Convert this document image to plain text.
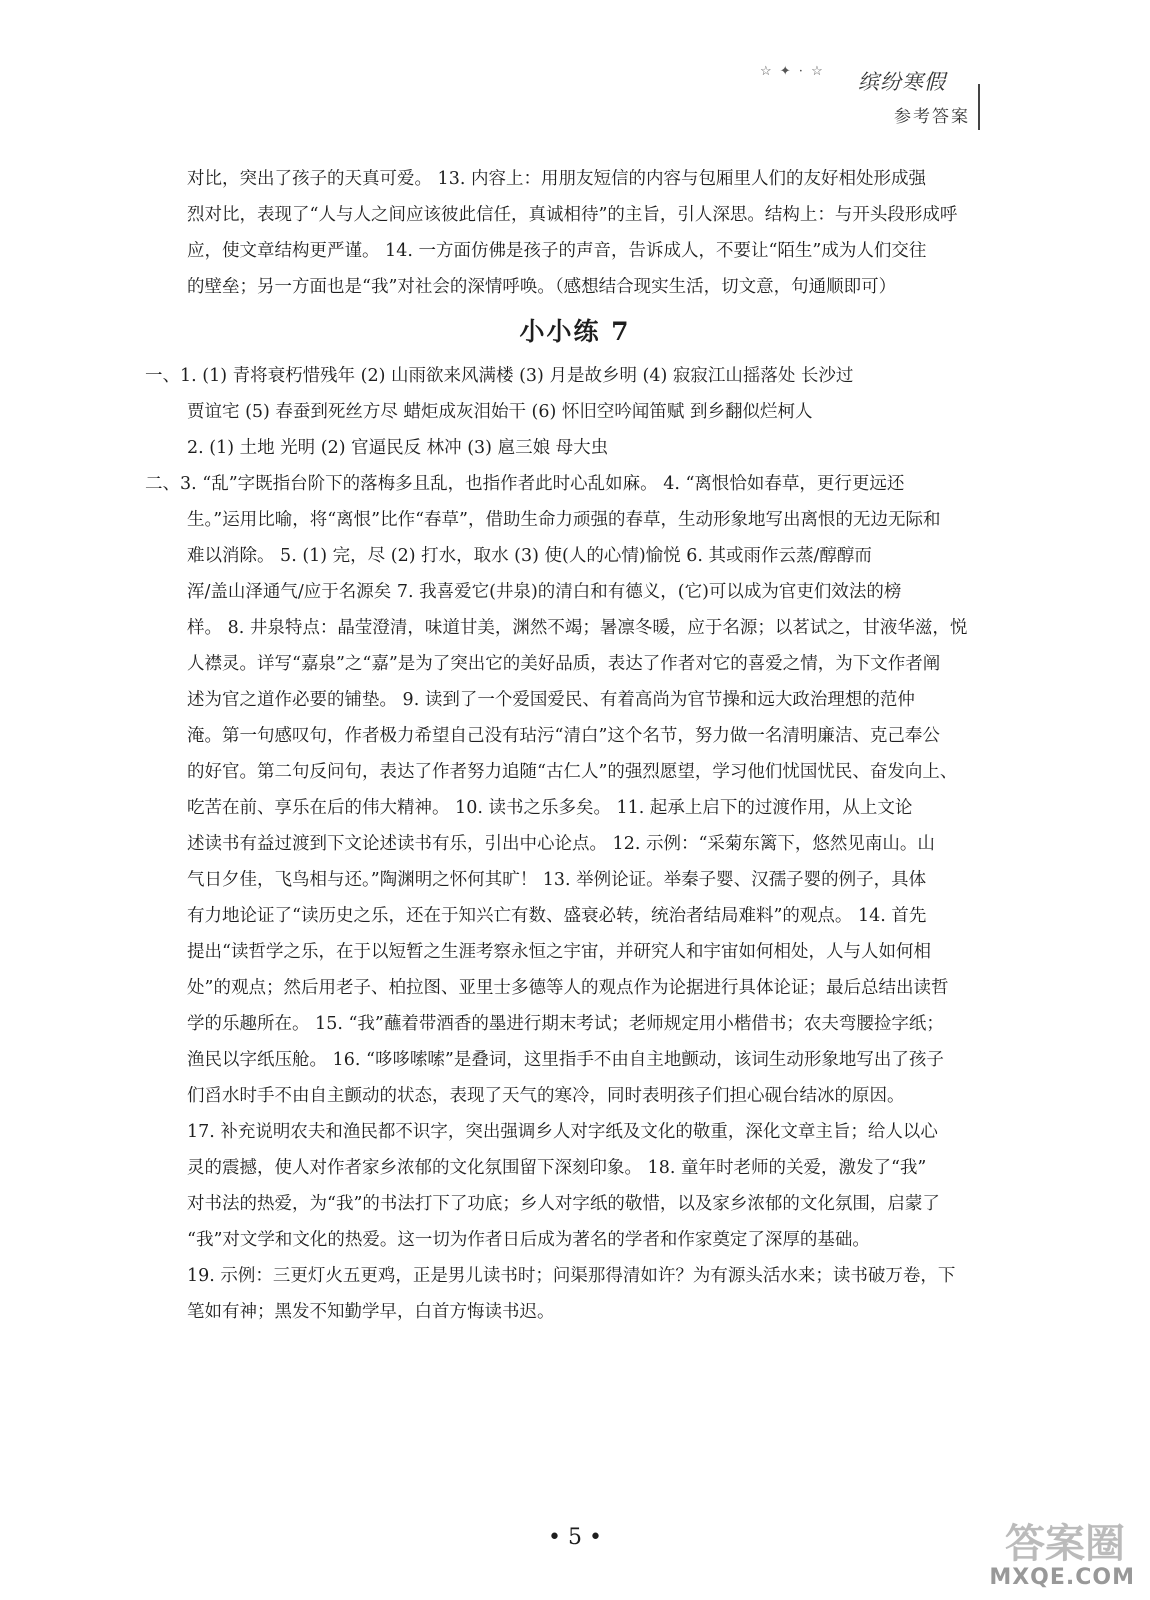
☆ ✦ · ☆ 缤纷寒假
参考答案

对比，突出了孩子的天真可爱。 13. 内容上：用朋友短信的内容与包厢里人们的友好相处形成强

烈对比，表现了“人与人之间应该彼此信任，真诚相待”的主旨，引人深思。结构上：与开头段形成呼

应，使文章结构更严谨。 14. 一方面仿佛是孩子的声音，告诉成人，不要让“陌生”成为人们交往

的壁垒；另一方面也是“我”对社会的深情呼唤。（感想结合现实生活，切文意，句通顺即可）

小小练 7

一、1. (1) 青将衰朽惜残年 (2) 山雨欲来风满楼 (3) 月是故乡明 (4) 寂寂江山摇落处 长沙过

贾谊宅 (5) 春蚕到死丝方尽 蜡炬成灰泪始干 (6) 怀旧空吟闻笛赋 到乡翻似烂柯人

2. (1) 土地 光明 (2) 官逼民反 林冲 (3) 扈三娘 母大虫

二、3. “乱”字既指台阶下的落梅多且乱，也指作者此时心乱如麻。 4. “离恨恰如春草，更行更远还

生。”运用比喻，将“离恨”比作“春草”，借助生命力顽强的春草，生动形象地写出离恨的无边无际和

难以消除。 5. (1) 完，尽 (2) 打水，取水 (3) 使(人的心情)愉悦 6. 其或雨作云蒸/醇醇而

浑/盖山泽通气/应于名源矣 7. 我喜爱它(井泉)的清白和有德义，(它)可以成为官吏们效法的榜

样。 8. 井泉特点：晶莹澄清，味道甘美，渊然不竭；暑凛冬暖，应于名源；以茗试之，甘液华滋，悦

人襟灵。详写“嘉泉”之“嘉”是为了突出它的美好品质，表达了作者对它的喜爱之情，为下文作者阐

述为官之道作必要的铺垫。 9. 读到了一个爱国爱民、有着高尚为官节操和远大政治理想的范仲

淹。第一句感叹句，作者极力希望自己没有玷污“清白”这个名节，努力做一名清明廉洁、克己奉公

的好官。第二句反问句，表达了作者努力追随“古仁人”的强烈愿望，学习他们忧国忧民、奋发向上、

吃苦在前、享乐在后的伟大精神。 10. 读书之乐多矣。 11. 起承上启下的过渡作用，从上文论

述读书有益过渡到下文论述读书有乐，引出中心论点。 12. 示例：“采菊东篱下，悠然见南山。山

气日夕佳，飞鸟相与还。”陶渊明之怀何其旷！ 13. 举例论证。举秦子婴、汉孺子婴的例子，具体

有力地论证了“读历史之乐，还在于知兴亡有数、盛衰必转，统治者结局难料”的观点。 14. 首先

提出“读哲学之乐，在于以短暂之生涯考察永恒之宇宙，并研究人和宇宙如何相处，人与人如何相

处”的观点；然后用老子、柏拉图、亚里士多德等人的观点作为论据进行具体论证；最后总结出读哲

学的乐趣所在。 15. “我”蘸着带酒香的墨进行期末考试；老师规定用小楷借书；农夫弯腰捡字纸；

渔民以字纸压舱。 16. “哆哆嗦嗦”是叠词，这里指手不由自主地颤动，该词生动形象地写出了孩子

们舀水时手不由自主颤动的状态，表现了天气的寒冷，同时表明孩子们担心砚台结冰的原因。

17. 补充说明农夫和渔民都不识字，突出强调乡人对字纸及文化的敬重，深化文章主旨；给人以心

灵的震撼，使人对作者家乡浓郁的文化氛围留下深刻印象。 18. 童年时老师的关爱，激发了“我”

对书法的热爱，为“我”的书法打下了功底；乡人对字纸的敬惜，以及家乡浓郁的文化氛围，启蒙了

“我”对文学和文化的热爱。这一切为作者日后成为著名的学者和作家奠定了深厚的基础。

19. 示例：三更灯火五更鸡，正是男儿读书时；问渠那得清如许？为有源头活水来；读书破万卷，下

笔如有神；黑发不知勤学早，白首方悔读书迟。

• 5 •	答案圈
MXQE.COM
